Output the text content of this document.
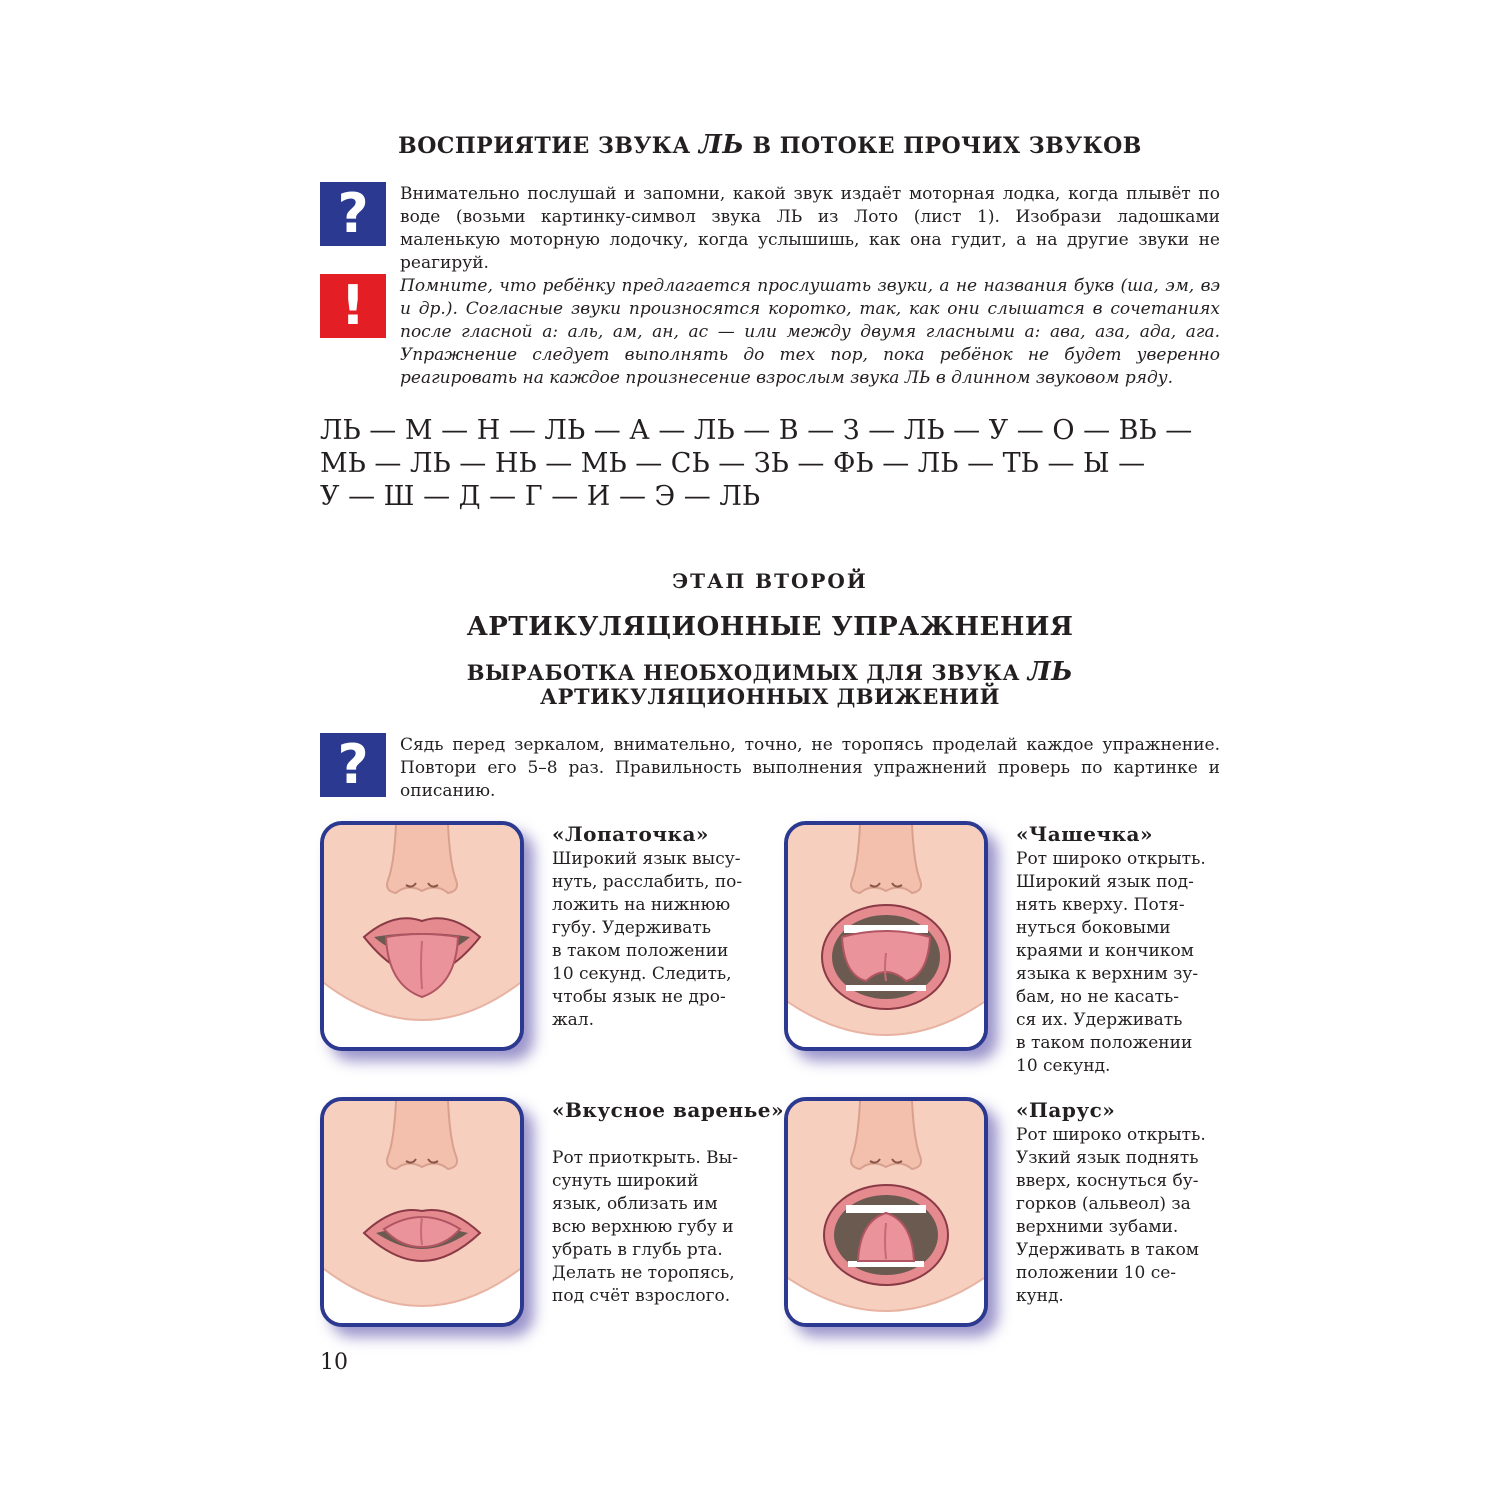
ВОСПРИЯТИЕ ЗВУКА ЛЬ В ПОТОКЕ ПРОЧИХ ЗВУКОВ
? Внимательно послушай и запомни, какой звук издаёт моторная лодка, когда плывёт по воде (возьми картинку-символ звука ЛЬ из Лото (лист 1). Изобрази ладошками маленькую моторную лодочку, когда услышишь, как она гудит, а на другие звуки не реагируй.

! Помните, что ребёнку предлагается прослушать звуки, а не названия букв (ша, эм, вэ и др.). Согласные звуки произносятся коротко, так, как они слышатся в сочетаниях после гласной а: аль, ам, ан, ас — или между двумя гласными а: ава, аза, ада, ага. Упражнение следует выполнять до тех пор, пока ребёнок не будет уверенно реагировать на каждое произнесение взрослым звука ЛЬ в длинном звуковом ряду.

ЛЬ — М — Н — ЛЬ — А — ЛЬ — В — З — ЛЬ — У — О — ВЬ —

МЬ — ЛЬ — НЬ — МЬ — СЬ — ЗЬ — ФЬ — ЛЬ — ТЬ — Ы —

У — Ш — Д — Г — И — Э — ЛЬ

ЭТАП ВТОРОЙ
АРТИКУЛЯЦИОННЫЕ УПРАЖНЕНИЯ
ВЫРАБОТКА НЕОБХОДИМЫХ ДЛЯ ЗВУКА ЛЬ
АРТИКУЛЯЦИОННЫХ ДВИЖЕНИЙ
? Сядь перед зеркалом, внимательно, точно, не торопясь проделай каждое упражнение. Повтори его 5–8 раз. Правильность выполнения упражнений проверь по картинке и описанию.

«Лопаточка»

Широкий язык высу-
нуть, расслабить, по-
ложить на нижнюю
губу. Удерживать
в таком положении
10 секунд. Следить,
чтобы язык не дро-
жал.

«Чашечка»

Рот широко открыть.
Широкий язык под-
нять кверху. Потя-
нуться боковыми
краями и кончиком
языка к верхним зу-
бам, но не касать-
ся их. Удерживать
в таком положении
10 секунд.

«Вкусное варенье»

Рот приоткрыть. Вы-
сунуть широкий
язык, облизать им
всю верхнюю губу и
убрать в глубь рта.
Делать не торопясь,
под счёт взрослого.

«Парус»

Рот широко открыть.
Узкий язык поднять
вверх, коснуться бу-
горков (альвеол) за
верхними зубами.
Удерживать в таком
положении 10 се-
кунд.

10
